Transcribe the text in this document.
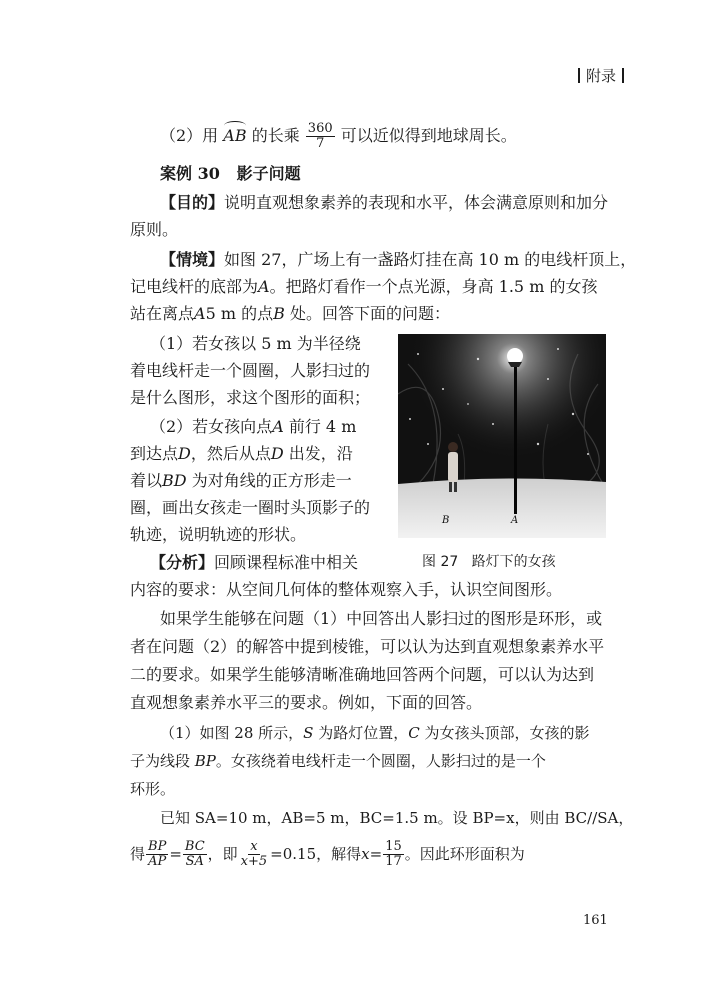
附录
（2）用 AB 的长乘 $\frac{360}{7}$ 可以近似得到地球周长。
案例 30 影子问题
【目的】说明直观想象素养的表现和水平，体会满意原则和加分
原则。
【情境】如图 27，广场上有一盏路灯挂在高 10 m 的电线杆顶上，
记电线杆的底部为A。把路灯看作一个点光源，身高 1.5 m 的女孩
站在离点A5 m 的点B 处。回答下面的问题：
（1）若女孩以 5 m 为半径绕
着电线杆走一个圆圈，人影扫过的
是什么图形，求这个图形的面积；
（2）若女孩向点A 前行 4 m
到达点D，然后从点D 出发，沿
着以BD 为对角线的正方形走一
圈，画出女孩走一圈时头顶影子的
轨迹，说明轨迹的形状。
【分析】回顾课程标准中相关
内容的要求：从空间几何体的整体观察入手，认识空间图形。
B	A
图 27 路灯下的女孩
如果学生能够在问题（1）中回答出人影扫过的图形是环形，或
者在问题（2）的解答中提到棱锥，可以认为达到直观想象素养水平
二的要求。如果学生能够清晰准确地回答两个问题，可以认为达到
直观想象素养水平三的要求。例如，下面的回答。
（1）如图 28 所示，S 为路灯位置，C 为女孩头顶部，女孩的影
子为线段 BP。女孩绕着电线杆走一个圆圈，人影扫过的是一个
环形。
已知 SA=10 m，AB=5 m，BC=1.5 m。设 BP=x，则由 BC//SA，
得 $\frac{BP}{AP} = \frac{BC}{SA}$ ，即 $\frac{x}{x+5} =0.15$，解得 $x = \frac{15}{17}$ 。因此环形面积为
161
